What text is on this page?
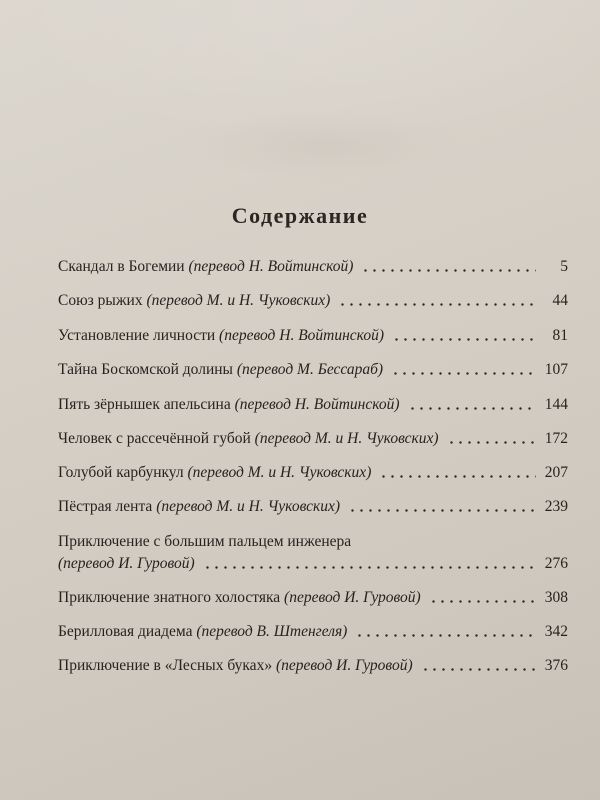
Содержание
Скандал в Богемии (перевод Н. Войтинской)	5
Союз рыжих (перевод М. и Н. Чуковских)	44
Установление личности (перевод Н. Войтинской)	81
Тайна Боскомской долины (перевод М. Бессараб)	107
Пять зёрнышек апельсина (перевод Н. Войтинской)	144
Человек с рассечённой губой (перевод М. и Н. Чуковских)	172
Голубой карбункул (перевод М. и Н. Чуковских)	207
Пёстрая лента (перевод М. и Н. Чуковских)	239
Приключение с большим пальцем инженера
(перевод И. Гуровой)	276
Приключение знатного холостяка (перевод И. Гуровой)	308
Берилловая диадема (перевод В. Штенгеля)	342
Приключение в «Лесных буках» (перевод И. Гуровой)	376
